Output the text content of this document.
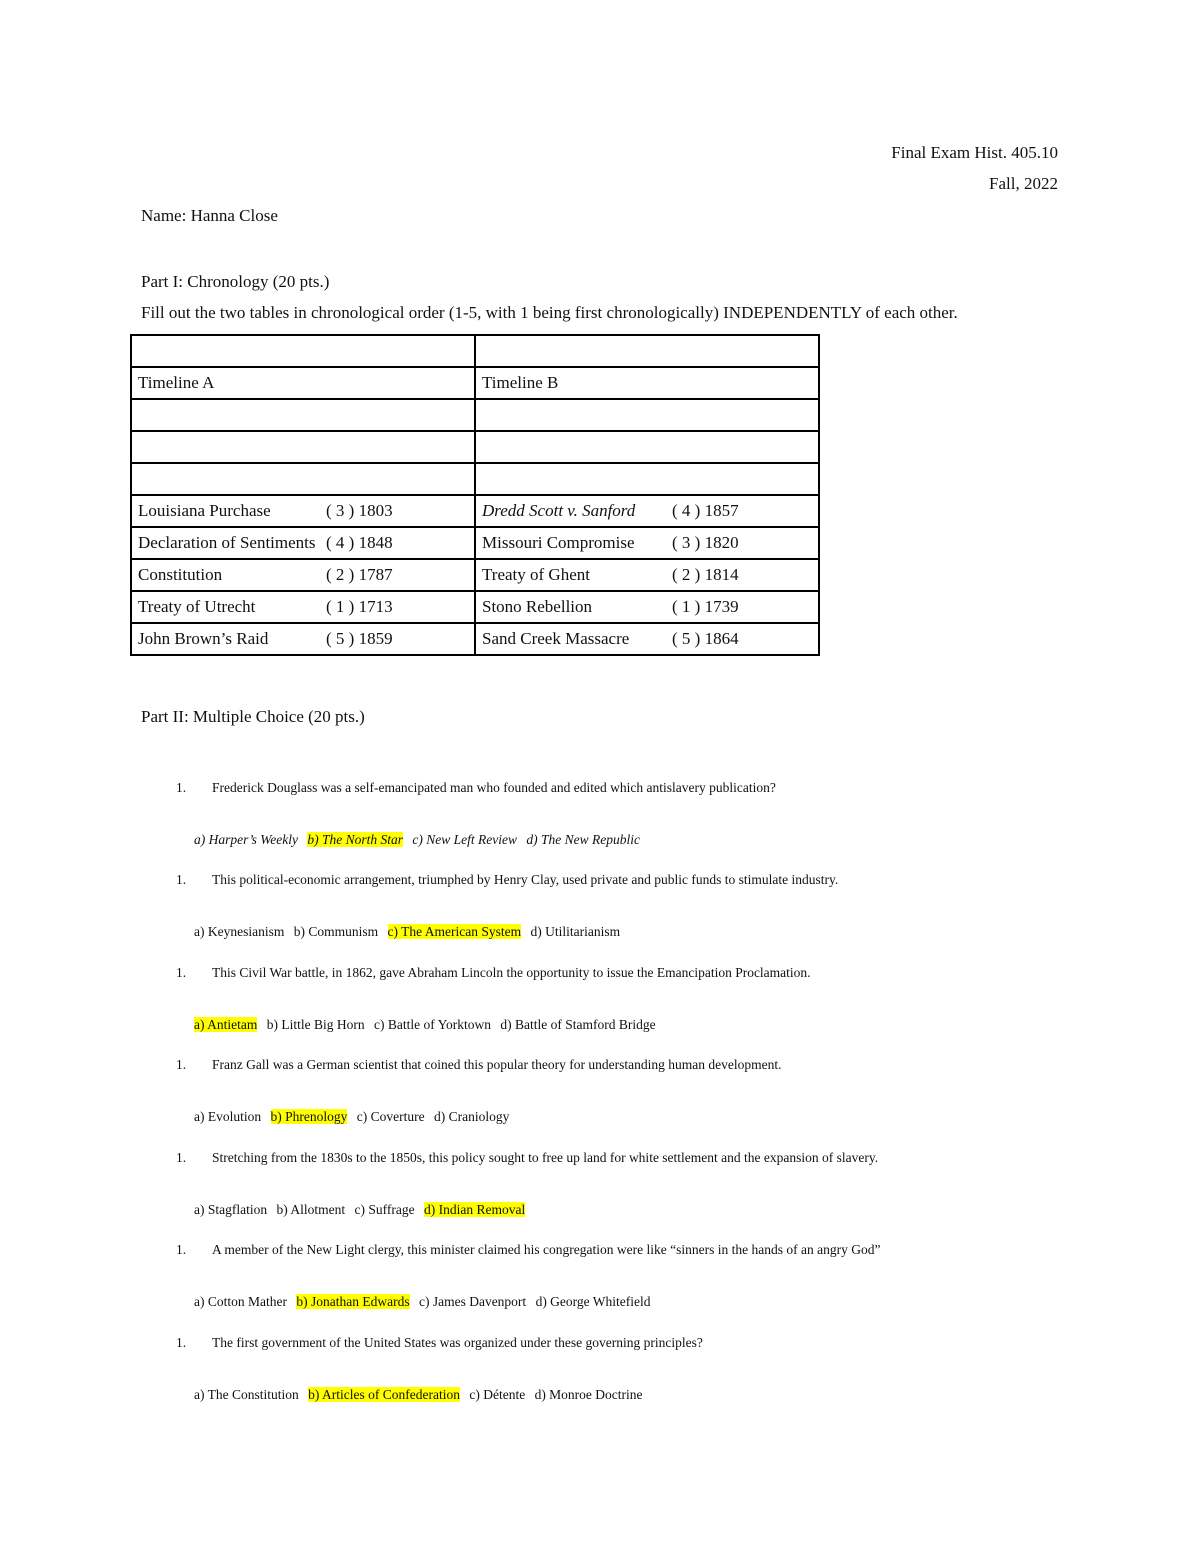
Final Exam Hist. 405.10
Fall, 2022
Name: Hanna Close
Part I: Chronology (20 pts.)
Fill out the two tables in chronological order (1-5, with 1 being first chronologically) INDEPENDENTLY of each other.

Timeline A	Timeline B

Louisiana Purchase ( 3 ) 1803	Dredd Scott v. Sanford ( 4 ) 1857
Declaration of Sentiments ( 4 ) 1848	Missouri Compromise ( 3 ) 1820
Constitution ( 2 ) 1787	Treaty of Ghent ( 2 ) 1814
Treaty of Utrecht ( 1 ) 1713	Stono Rebellion ( 1 ) 1739
John Brown’s Raid ( 5 ) 1859	Sand Creek Massacre ( 5 ) 1864
Part II: Multiple Choice (20 pts.)
1. Frederick Douglass was a self-emancipated man who founded and edited which antislavery publication?
a) Harper’s Weekly b) The North Star c) New Left Review d) The New Republic
1. This political-economic arrangement, triumphed by Henry Clay, used private and public funds to stimulate industry.
a) Keynesianism b) Communism c) The American System d) Utilitarianism
1. This Civil War battle, in 1862, gave Abraham Lincoln the opportunity to issue the Emancipation Proclamation.
a) Antietam b) Little Big Horn c) Battle of Yorktown d) Battle of Stamford Bridge
1. Franz Gall was a German scientist that coined this popular theory for understanding human development.
a) Evolution b) Phrenology c) Coverture d) Craniology
1. Stretching from the 1830s to the 1850s, this policy sought to free up land for white settlement and the expansion of slavery.
a) Stagflation b) Allotment c) Suffrage d) Indian Removal
1. A member of the New Light clergy, this minister claimed his congregation were like “sinners in the hands of an angry God”
a) Cotton Mather b) Jonathan Edwards c) James Davenport d) George Whitefield
1. The first government of the United States was organized under these governing principles?
a) The Constitution b) Articles of Confederation c) Détente d) Monroe Doctrine
